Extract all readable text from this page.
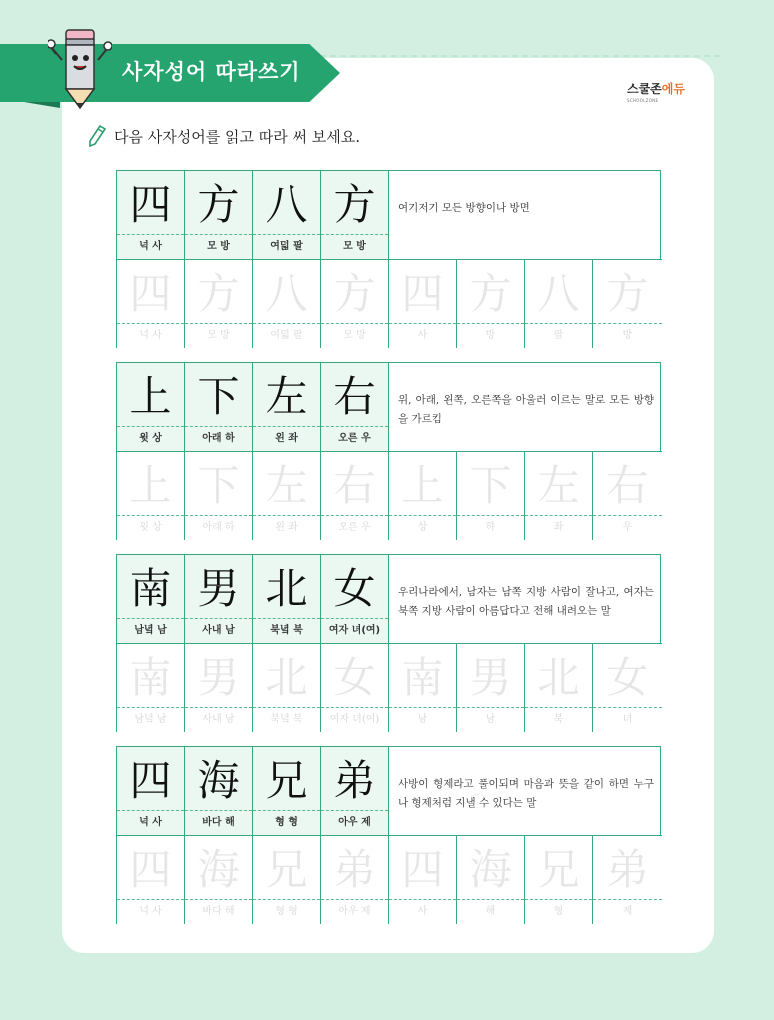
사자성어 따라쓰기
스쿨존에듀
SCHOOLZONE
다음 사자성어를 읽고 따라 써 보세요.
四
넉 사
方
모 방
八
여덟 팔
方
모 방
여기저기 모든 방향이나 방면
四
넉 사
方
모 방
八
여덟 팔
方
모 방
四
사
方
방
八
팔
方
방
上
윗 상
下
아래 하
左
왼 좌
右
오른 우
위, 아래, 왼쪽, 오른쪽을 아울러 이르는 말로 모든 방향을 가르킴
上
윗 상
下
아래 하
左
왼 좌
右
오른 우
上
상
下
하
左
좌
右
우
南
남녘 남
男
사내 남
北
북녘 북
女
여자 녀(여)
우리나라에서, 남자는 남쪽 지방 사람이 잘나고, 여자는 북쪽 지방 사람이 아름답다고 전해 내려오는 말
南
남녘 남
男
사내 남
北
북녘 북
女
여자 녀(여)
南
남
男
남
北
북
女
녀
四
넉 사
海
바다 해
兄
형 형
弟
아우 제
사방이 형제라고 풀이되며 마음과 뜻을 같이 하면 누구나 형제처럼 지낼 수 있다는 말
四
넉 사
海
바다 해
兄
형 형
弟
아우 제
四
사
海
해
兄
형
弟
제
